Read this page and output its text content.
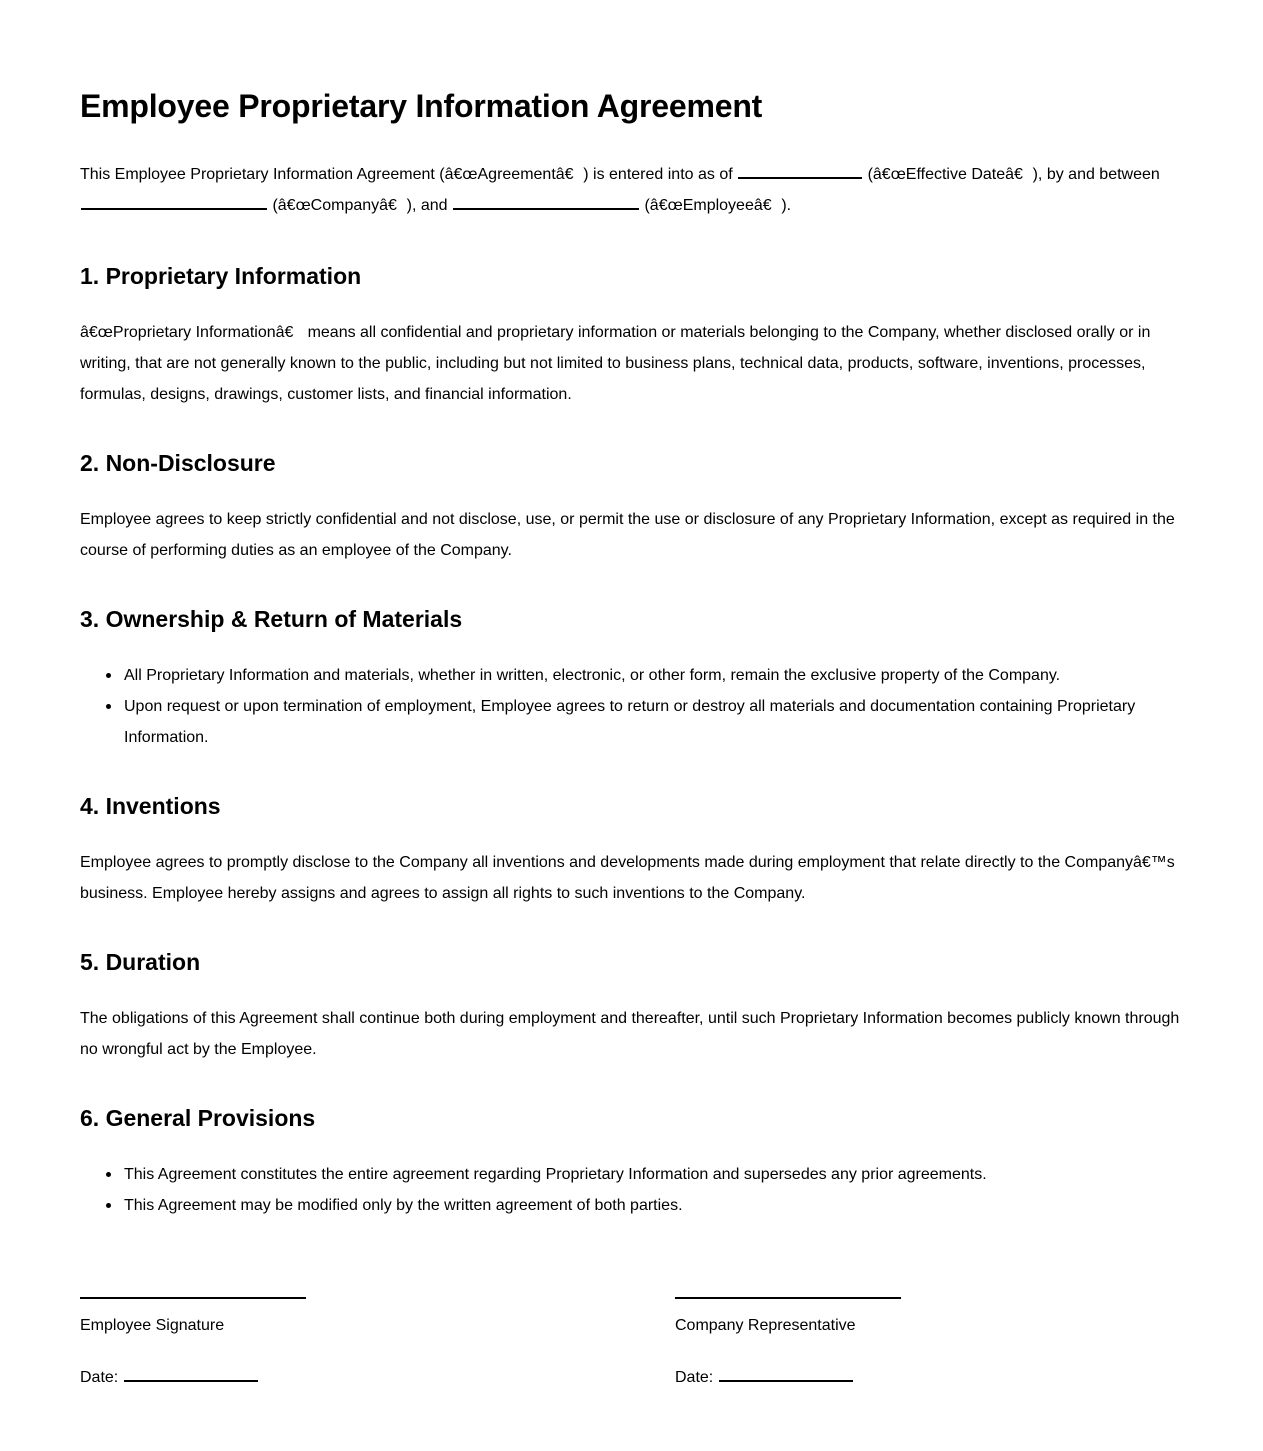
Employee Proprietary Information Agreement

This Employee Proprietary Information Agreement (â€œAgreementâ€) is entered into as of	(â€œEffective Dateâ€), by and between  (â€œCompanyâ€), and	(â€œEmployeeâ€).

1. Proprietary Information

â€œProprietary Informationâ€ means all confidential and proprietary information or materials belonging to the Company, whether disclosed orally or in writing, that are not generally known to the public, including but not limited to business plans, technical data, products, software, inventions, processes, formulas, designs, drawings, customer lists, and financial information.

2. Non-Disclosure

Employee agrees to keep strictly confidential and not disclose, use, or permit the use or disclosure of any Proprietary Information, except as required in the course of performing duties as an employee of the Company.

3. Ownership & Return of Materials
All Proprietary Information and materials, whether in written, electronic, or other form, remain the exclusive property of the Company.
Upon request or upon termination of employment, Employee agrees to return or destroy all materials and documentation containing Proprietary Information.
4. Inventions

Employee agrees to promptly disclose to the Company all inventions and developments made during employment that relate directly to the Companyâ€™s business. Employee hereby assigns and agrees to assign all rights to such inventions to the Company.

5. Duration

The obligations of this Agreement shall continue both during employment and thereafter, until such Proprietary Information becomes publicly known through no wrongful act by the Employee.

6. General Provisions
This Agreement constitutes the entire agreement regarding Proprietary Information and supersedes any prior agreements.
This Agreement may be modified only by the written agreement of both parties.

Employee Signature

Date:

Company Representative

Date:
